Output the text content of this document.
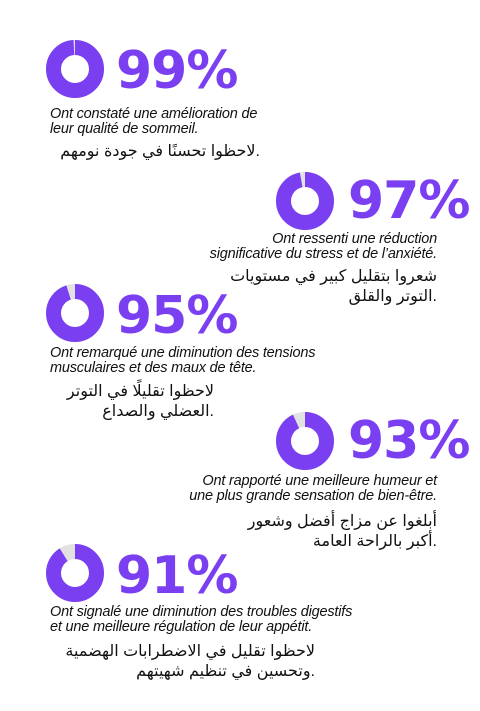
99%
Ont constaté une amélioration de
leur qualité de sommeil.
لاحظوا تحسنًا في جودة نومهم.
97%
Ont ressenti une réduction
significative du stress et de l’anxiété.
شعروا بتقليل كبير في مستويات
التوتر والقلق.
95%
Ont remarqué une diminution des tensions
musculaires et des maux de tête.
لاحظوا تقليلًا في التوتر
العضلي والصداع.	93%
Ont rapporté une meilleure humeur et
une plus grande sensation de bien-être.
أبلغوا عن مزاج أفضل وشعور
أكبر بالراحة العامة.
91%
Ont signalé une diminution des troubles digestifs
et une meilleure régulation de leur appétit.
لاحظوا تقليل في الاضطرابات الهضمية
وتحسين في تنظيم شهيتهم.
